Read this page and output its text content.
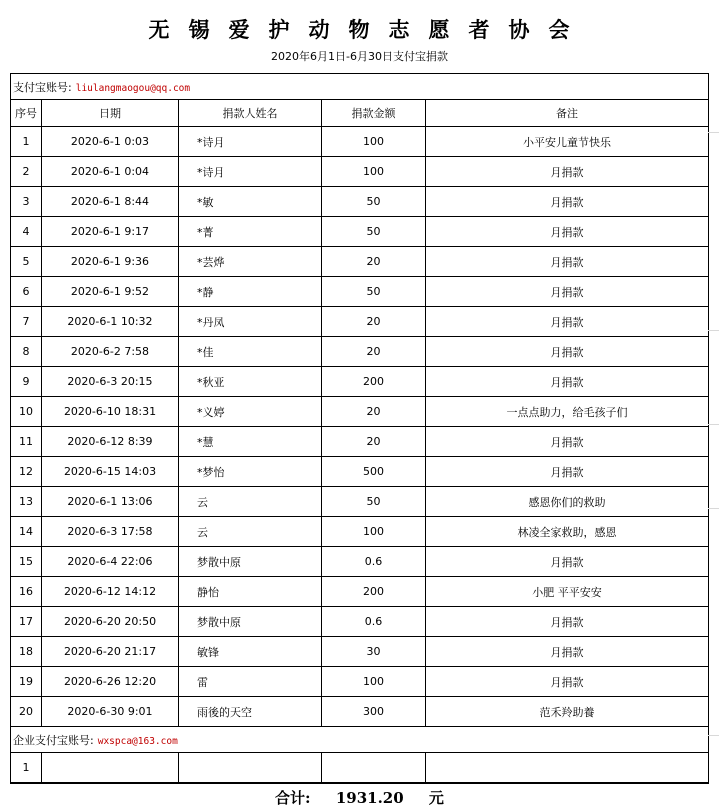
无 锡 爱 护 动 物 志 愿 者 协 会
2020年6月1日-6月30日支付宝捐款
支付宝账号: liulangmaogou@qq.com				
序号	日期	捐款人姓名	捐款金额	备注
1	2020-6-1 0:03	*诗月	100	小平安儿童节快乐
2	2020-6-1 0:04	*诗月	100	月捐款
3	2020-6-1 8:44	*敏	50	月捐款
4	2020-6-1 9:17	*菁	50	月捐款
5	2020-6-1 9:36	*芸烨	20	月捐款
6	2020-6-1 9:52	*静	50	月捐款
7	2020-6-1 10:32	*丹凤	20	月捐款
8	2020-6-2 7:58	*佳	20	月捐款
9	2020-6-3 20:15	*秋亚	200	月捐款
10	2020-6-10 18:31	*义婷	20	一点点助力，给毛孩子们
11	2020-6-12 8:39	*慧	20	月捐款
12	2020-6-15 14:03	*梦怡	500	月捐款
13	2020-6-1 13:06	云	50	感恩你们的救助
14	2020-6-3 17:58	云	100	林凌全家救助，感恩
15	2020-6-4 22:06	梦散中原	0.6	月捐款
16	2020-6-12 14:12	静怡	200	小肥 平平安安
17	2020-6-20 20:50	梦散中原	0.6	月捐款
18	2020-6-20 21:17	敏锋	30	月捐款
19	2020-6-26 12:20	雷	100	月捐款
20	2020-6-30 9:01	雨後的天空	300	范禾羚助養
企业支付宝账号: wxspca@163.com				
1				
合计: 1931.20 元
